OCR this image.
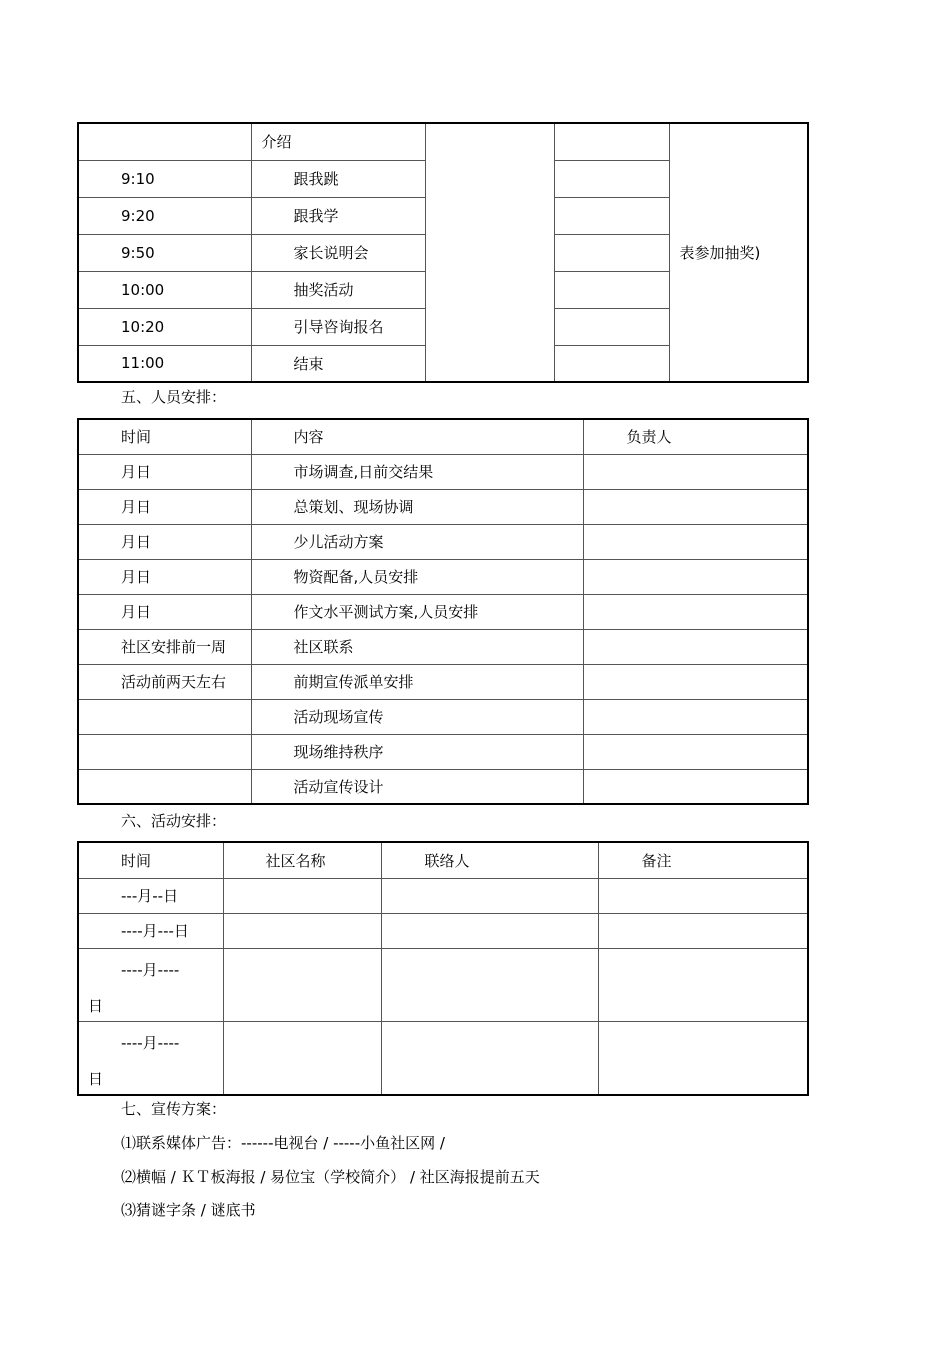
	介绍			表参加抽奖)
9:10	跟我跳			
9:20	跟我学			
9:50	家长说明会			
10:00	抽奖活动			
10:20	引导咨询报名			
11:00	结束			
五、人员安排：
时间	内容	负责人
月日	市场调查,日前交结果	
月日	总策划、现场协调	
月日	少儿活动方案	
月日	物资配备,人员安排	
月日	作文水平测试方案,人员安排	
社区安排前一周	社区联系	
活动前两天左右	前期宣传派单安排	
	活动现场宣传	
	现场维持秩序	
	活动宣传设计	
六、活动安排：
时间	社区名称	联络人	备注
---月--日			
----月---日			

----月----
日			

----月----
日			

七、宣传方案：
⑴联系媒体广告：------电视台 / -----小鱼社区网 /
⑵横幅 / ＫＴ板海报 / 易位宝（学校简介） / 社区海报提前五天
⑶猜谜字条 / 谜底书
